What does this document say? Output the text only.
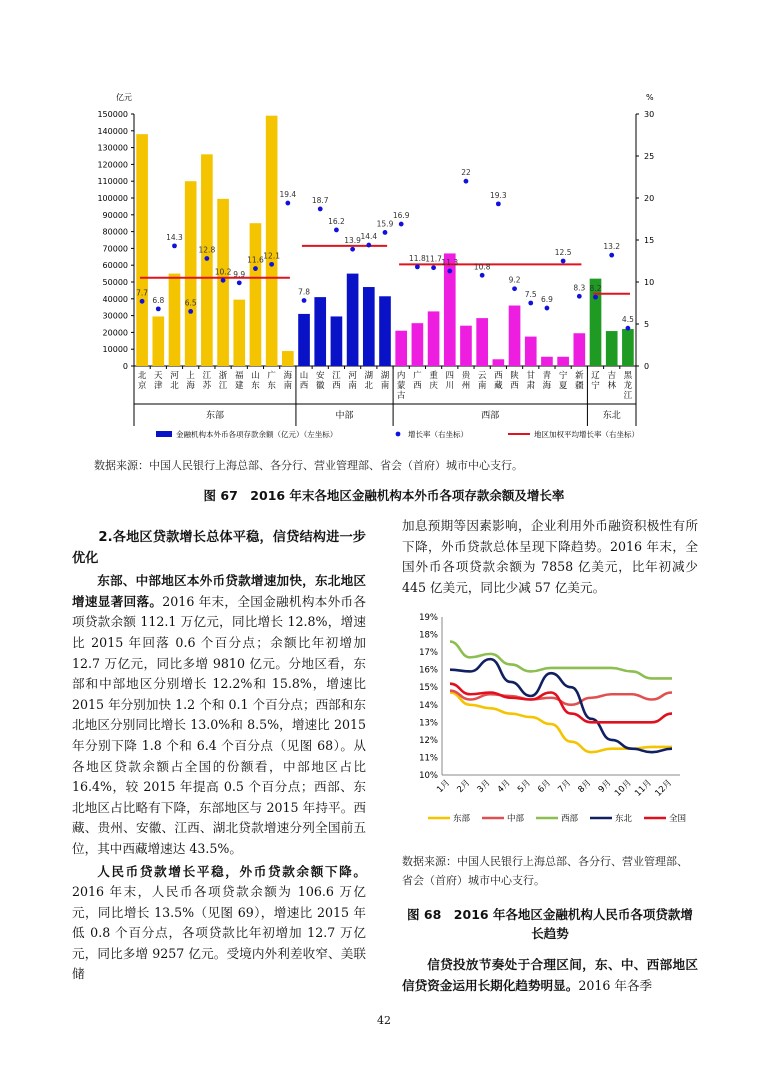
0
10000
20000
30000
40000
50000
60000
70000
80000
90000
100000
110000
120000
130000
140000
150000
0
5
10
15
20
25
30
亿元	%
北
京
7.7
天
津
6.8
河
北
14.3
上
海
6.5
江
苏
12.8
浙
江
10.2
福
建
9.9
山
东
11.6
广
东
12.1
海
南
19.4
山
西
7.8
安
徽
18.7
江
西
16.2
河
南
13.9
湖
北
14.4
湖
南
15.9
内
蒙
古
16.9
广
西
11.8
重
庆
11.7
四
川
11.3
贵
州
22
云
南
10.8
西
藏
19.3
陕
西
9.2
甘
肃
7.5
青
海
6.9
宁
夏
12.5
新
疆
8.3
辽
宁
8.2
吉
林
13.2
黑
龙
江
4.5
东部	中部	西部	东北
金融机构本外币各项存款余额（亿元）（左坐标）	增长率（右坐标）	地区加权平均增长率（右坐标）
数据来源：中国人民银行上海总部、各分行、营业管理部、省会（首府）城市中心支行。
图 67　2016 年末各地区金融机构本外币各项存款余额及增长率

2.各地区贷款增长总体平稳，信贷结构进一步优化

东部、中部地区本外币贷款增速加快，东北地区增速显著回落。2016 年末，全国金融机构本外币各项贷款余额 112.1 万亿元，同比增长 12.8%，增速比 2015 年回落 0.6 个百分点；余额比年初增加 12.7 万亿元，同比多增 9810 亿元。分地区看，东部和中部地区分别增长 12.2%和 15.8%，增速比 2015 年分别加快 1.2 个和 0.1 个百分点；西部和东北地区分别同比增长 13.0%和 8.5%，增速比 2015 年分别下降 1.8 个和 6.4 个百分点（见图 68）。从各地区贷款余额占全国的份额看，中部地区占比 16.4%，较 2015 年提高 0.5 个百分点；西部、东北地区占比略有下降，东部地区与 2015 年持平。西藏、贵州、安徽、江西、湖北贷款增速分列全国前五位，其中西藏增速达 43.5%。

人民币贷款增长平稳，外币贷款余额下降。2016 年末，人民币各项贷款余额为 106.6 万亿元，同比增长 13.5%（见图 69），增速比 2015 年低 0.8 个百分点，各项贷款比年初增加 12.7 万亿元，同比多增 9257 亿元。受境内外利差收窄、美联储

加息预期等因素影响，企业利用外币融资积极性有所下降，外币贷款总体呈现下降趋势。2016 年末，全国外币各项贷款余额为 7858 亿美元，比年初减少 445 亿美元，同比少减 57 亿美元。

10%
11%
12%
13%
14%
15%
16%
17%
18%
19%
1月 2月 3月 4月 5月 6月 7月 8月 9月 10月 11月 12月
东部	中部	西部	东北	全国
数据来源：中国人民银行上海总部、各分行、营业管理部、省会（首府）城市中心支行。
图 68　2016 年各地区金融机构人民币各项贷款增长趋势

信贷投放节奏处于合理区间，东、中、西部地区信贷资金运用长期化趋势明显。2016 年各季

42
